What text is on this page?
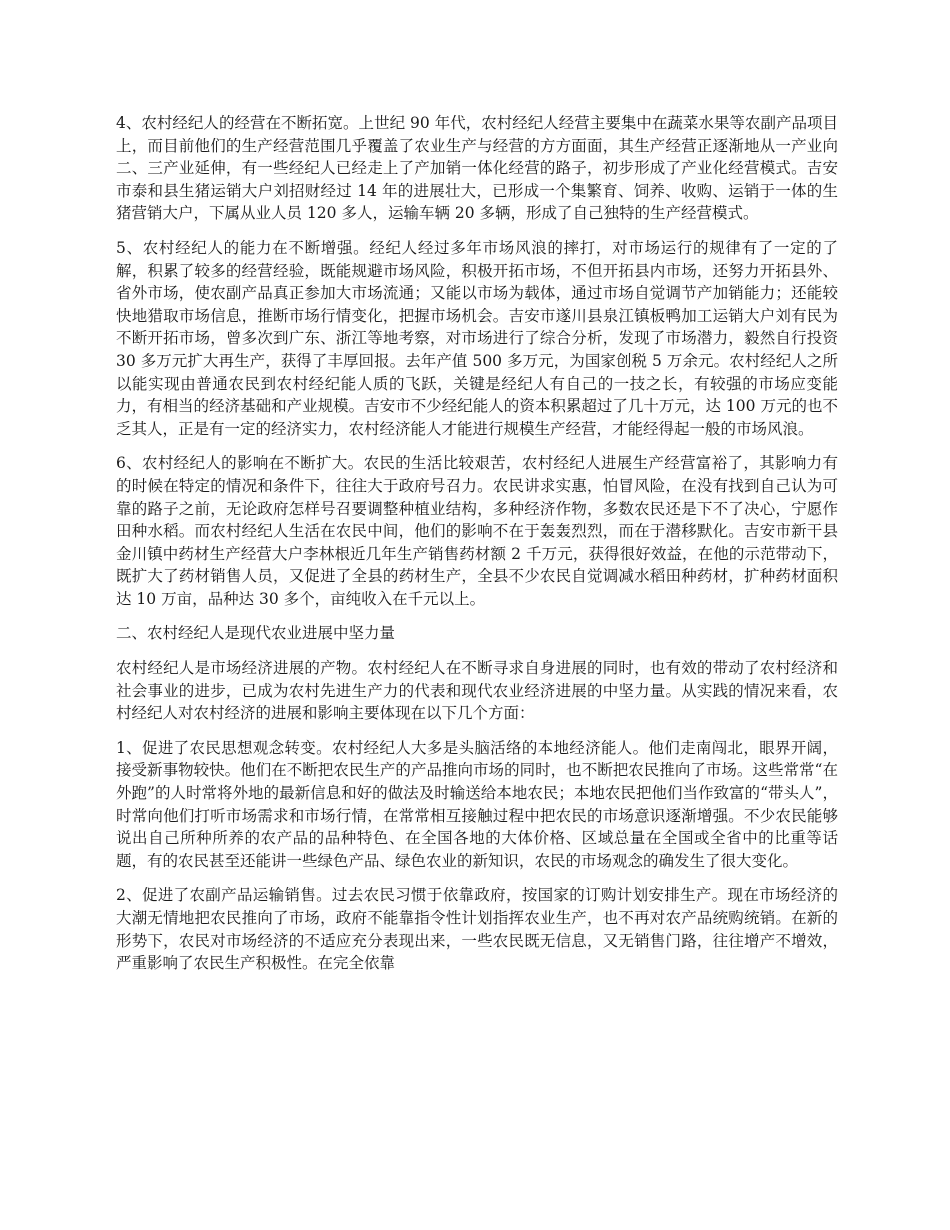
4、农村经纪人的经营在不断拓宽。上世纪 90 年代，农村经纪人经营主要集中在蔬菜水果等农副产品项目上，而目前他们的生产经营范围几乎覆盖了农业生产与经营的方方面面，其生产经营正逐渐地从一产业向二、三产业延伸，有一些经纪人已经走上了产加销一体化经营的路子，初步形成了产业化经营模式。吉安市泰和县生猪运销大户刘招财经过 14 年的进展壮大，已形成一个集繁育、饲养、收购、运销于一体的生猪营销大户，下属从业人员 120 多人，运输车辆 20 多辆，形成了自己独特的生产经营模式。

5、农村经纪人的能力在不断增强。经纪人经过多年市场风浪的摔打，对市场运行的规律有了一定的了解，积累了较多的经营经验，既能规避市场风险，积极开拓市场，不但开拓县内市场，还努力开拓县外、省外市场，使农副产品真正参加大市场流通；又能以市场为载体，通过市场自觉调节产加销能力；还能较快地猎取市场信息，推断市场行情变化，把握市场机会。吉安市遂川县泉江镇板鸭加工运销大户刘有民为不断开拓市场，曾多次到广东、浙江等地考察，对市场进行了综合分析，发现了市场潜力，毅然自行投资 30 多万元扩大再生产，获得了丰厚回报。去年产值 500 多万元，为国家创税 5 万余元。农村经纪人之所以能实现由普通农民到农村经纪能人质的飞跃，关键是经纪人有自己的一技之长，有较强的市场应变能力，有相当的经济基础和产业规模。吉安市不少经纪能人的资本积累超过了几十万元，达 100 万元的也不乏其人，正是有一定的经济实力，农村经济能人才能进行规模生产经营，才能经得起一般的市场风浪。

6、农村经纪人的影响在不断扩大。农民的生活比较艰苦，农村经纪人进展生产经营富裕了，其影响力有的时候在特定的情况和条件下，往往大于政府号召力。农民讲求实惠，怕冒风险，在没有找到自己认为可靠的路子之前，无论政府怎样号召要调整种植业结构，多种经济作物，多数农民还是下不了决心，宁愿作田种水稻。而农村经纪人生活在农民中间，他们的影响不在于轰轰烈烈，而在于潜移默化。吉安市新干县金川镇中药材生产经营大户李林根近几年生产销售药材额 2 千万元，获得很好效益，在他的示范带动下，既扩大了药材销售人员，又促进了全县的药材生产，全县不少农民自觉调减水稻田种药材，扩种药材面积达 10 万亩，品种达 30 多个，亩纯收入在千元以上。

二、农村经纪人是现代农业进展中坚力量

农村经纪人是市场经济进展的产物。农村经纪人在不断寻求自身进展的同时，也有效的带动了农村经济和社会事业的进步，已成为农村先进生产力的代表和现代农业经济进展的中坚力量。从实践的情况来看，农村经纪人对农村经济的进展和影响主要体现在以下几个方面：

1、促进了农民思想观念转变。农村经纪人大多是头脑活络的本地经济能人。他们走南闯北，眼界开阔，接受新事物较快。他们在不断把农民生产的产品推向市场的同时，也不断把农民推向了市场。这些常常“在外跑”的人时常将外地的最新信息和好的做法及时输送给本地农民；本地农民把他们当作致富的“带头人”，时常向他们打听市场需求和市场行情，在常常相互接触过程中把农民的市场意识逐渐增强。不少农民能够说出自己所种所养的农产品的品种特色、在全国各地的大体价格、区域总量在全国或全省中的比重等话题，有的农民甚至还能讲一些绿色产品、绿色农业的新知识，农民的市场观念的确发生了很大变化。

2、促进了农副产品运输销售。过去农民习惯于依靠政府，按国家的订购计划安排生产。现在市场经济的大潮无情地把农民推向了市场，政府不能靠指令性计划指挥农业生产，也不再对农产品统购统销。在新的形势下，农民对市场经济的不适应充分表现出来，一些农民既无信息，又无销售门路，往往增产不增效，严重影响了农民生产积极性。在完全依靠
